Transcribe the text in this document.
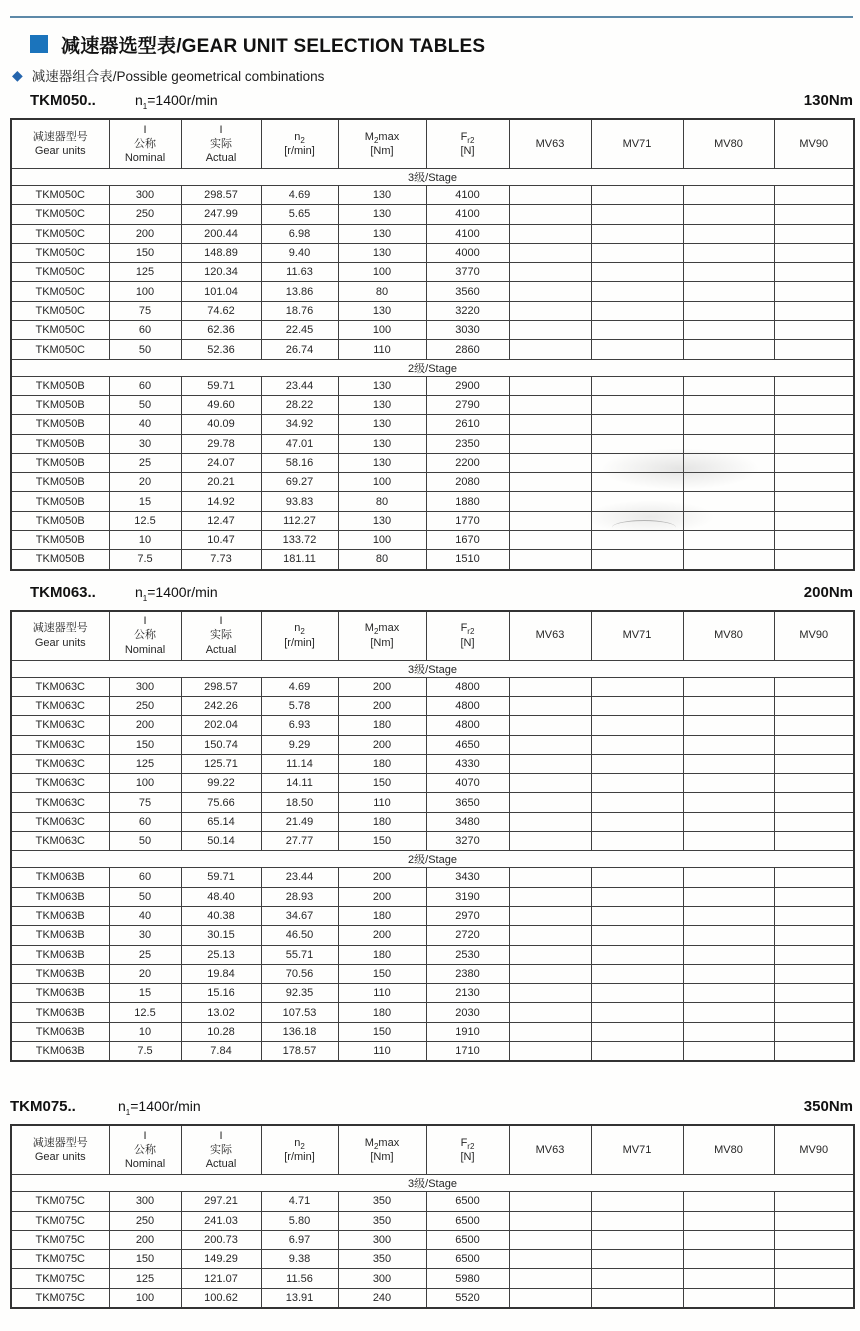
减速器选型表/GEAR UNIT SELECTION TABLES
◆ 减速器组合表/Possible geometrical combinations
TKM050..	$n_1=1400r/\min$	130Nm
减速器型号
Gear units

I
公称
Nominal

I
实际
Actual

$n_2$
[r/min]

$M_2\max$
[Nm]

$F_{r2}$
[N]

MV63	MV71	MV80	MV90

3级/Stage									
TKM050C	300	298.57	4.69	130	4100				
TKM050C	250	247.99	5.65	130	4100				
TKM050C	200	200.44	6.98	130	4100				
TKM050C	150	148.89	9.40	130	4000				
TKM050C	125	120.34	11.63	100	3770				
TKM050C	100	101.04	13.86	80	3560				
TKM050C	75	74.62	18.76	130	3220				
TKM050C	60	62.36	22.45	100	3030				
TKM050C	50	52.36	26.74	110	2860				
2级/Stage									
TKM050B	60	59.71	23.44	130	2900				
TKM050B	50	49.60	28.22	130	2790				
TKM050B	40	40.09	34.92	130	2610				
TKM050B	30	29.78	47.01	130	2350				
TKM050B	25	24.07	58.16	130	2200				
TKM050B	20	20.21	69.27	100	2080				
TKM050B	15	14.92	93.83	80	1880				
TKM050B	12.5	12.47	112.27	130	1770				
TKM050B	10	10.47	133.72	100	1670				
TKM050B	7.5	7.73	181.11	80	1510				
TKM063..	$n_1=1400r/\min$	200Nm
减速器型号
Gear units

I
公称
Nominal

I
实际
Actual

$n_2$
[r/min]

$M_2\max$
[Nm]

$F_{r2}$
[N]

MV63	MV71	MV80	MV90

3级/Stage									
TKM063C	300	298.57	4.69	200	4800				
TKM063C	250	242.26	5.78	200	4800				
TKM063C	200	202.04	6.93	180	4800				
TKM063C	150	150.74	9.29	200	4650				
TKM063C	125	125.71	11.14	180	4330				
TKM063C	100	99.22	14.11	150	4070				
TKM063C	75	75.66	18.50	110	3650				
TKM063C	60	65.14	21.49	180	3480				
TKM063C	50	50.14	27.77	150	3270				
2级/Stage									
TKM063B	60	59.71	23.44	200	3430				
TKM063B	50	48.40	28.93	200	3190				
TKM063B	40	40.38	34.67	180	2970				
TKM063B	30	30.15	46.50	200	2720				
TKM063B	25	25.13	55.71	180	2530				
TKM063B	20	19.84	70.56	150	2380				
TKM063B	15	15.16	92.35	110	2130				
TKM063B	12.5	13.02	107.53	180	2030				
TKM063B	10	10.28	136.18	150	1910				
TKM063B	7.5	7.84	178.57	110	1710				
TKM075..	$n_1=1400r/\min$	350Nm
减速器型号
Gear units

I
公称
Nominal

I
实际
Actual

$n_2$
[r/min]

$M_2\max$
[Nm]

$F_{r2}$
[N]

MV63	MV71	MV80	MV90

3级/Stage									
TKM075C	300	297.21	4.71	350	6500				
TKM075C	250	241.03	5.80	350	6500				
TKM075C	200	200.73	6.97	300	6500				
TKM075C	150	149.29	9.38	350	6500				
TKM075C	125	121.07	11.56	300	5980				
TKM075C	100	100.62	13.91	240	5520				
